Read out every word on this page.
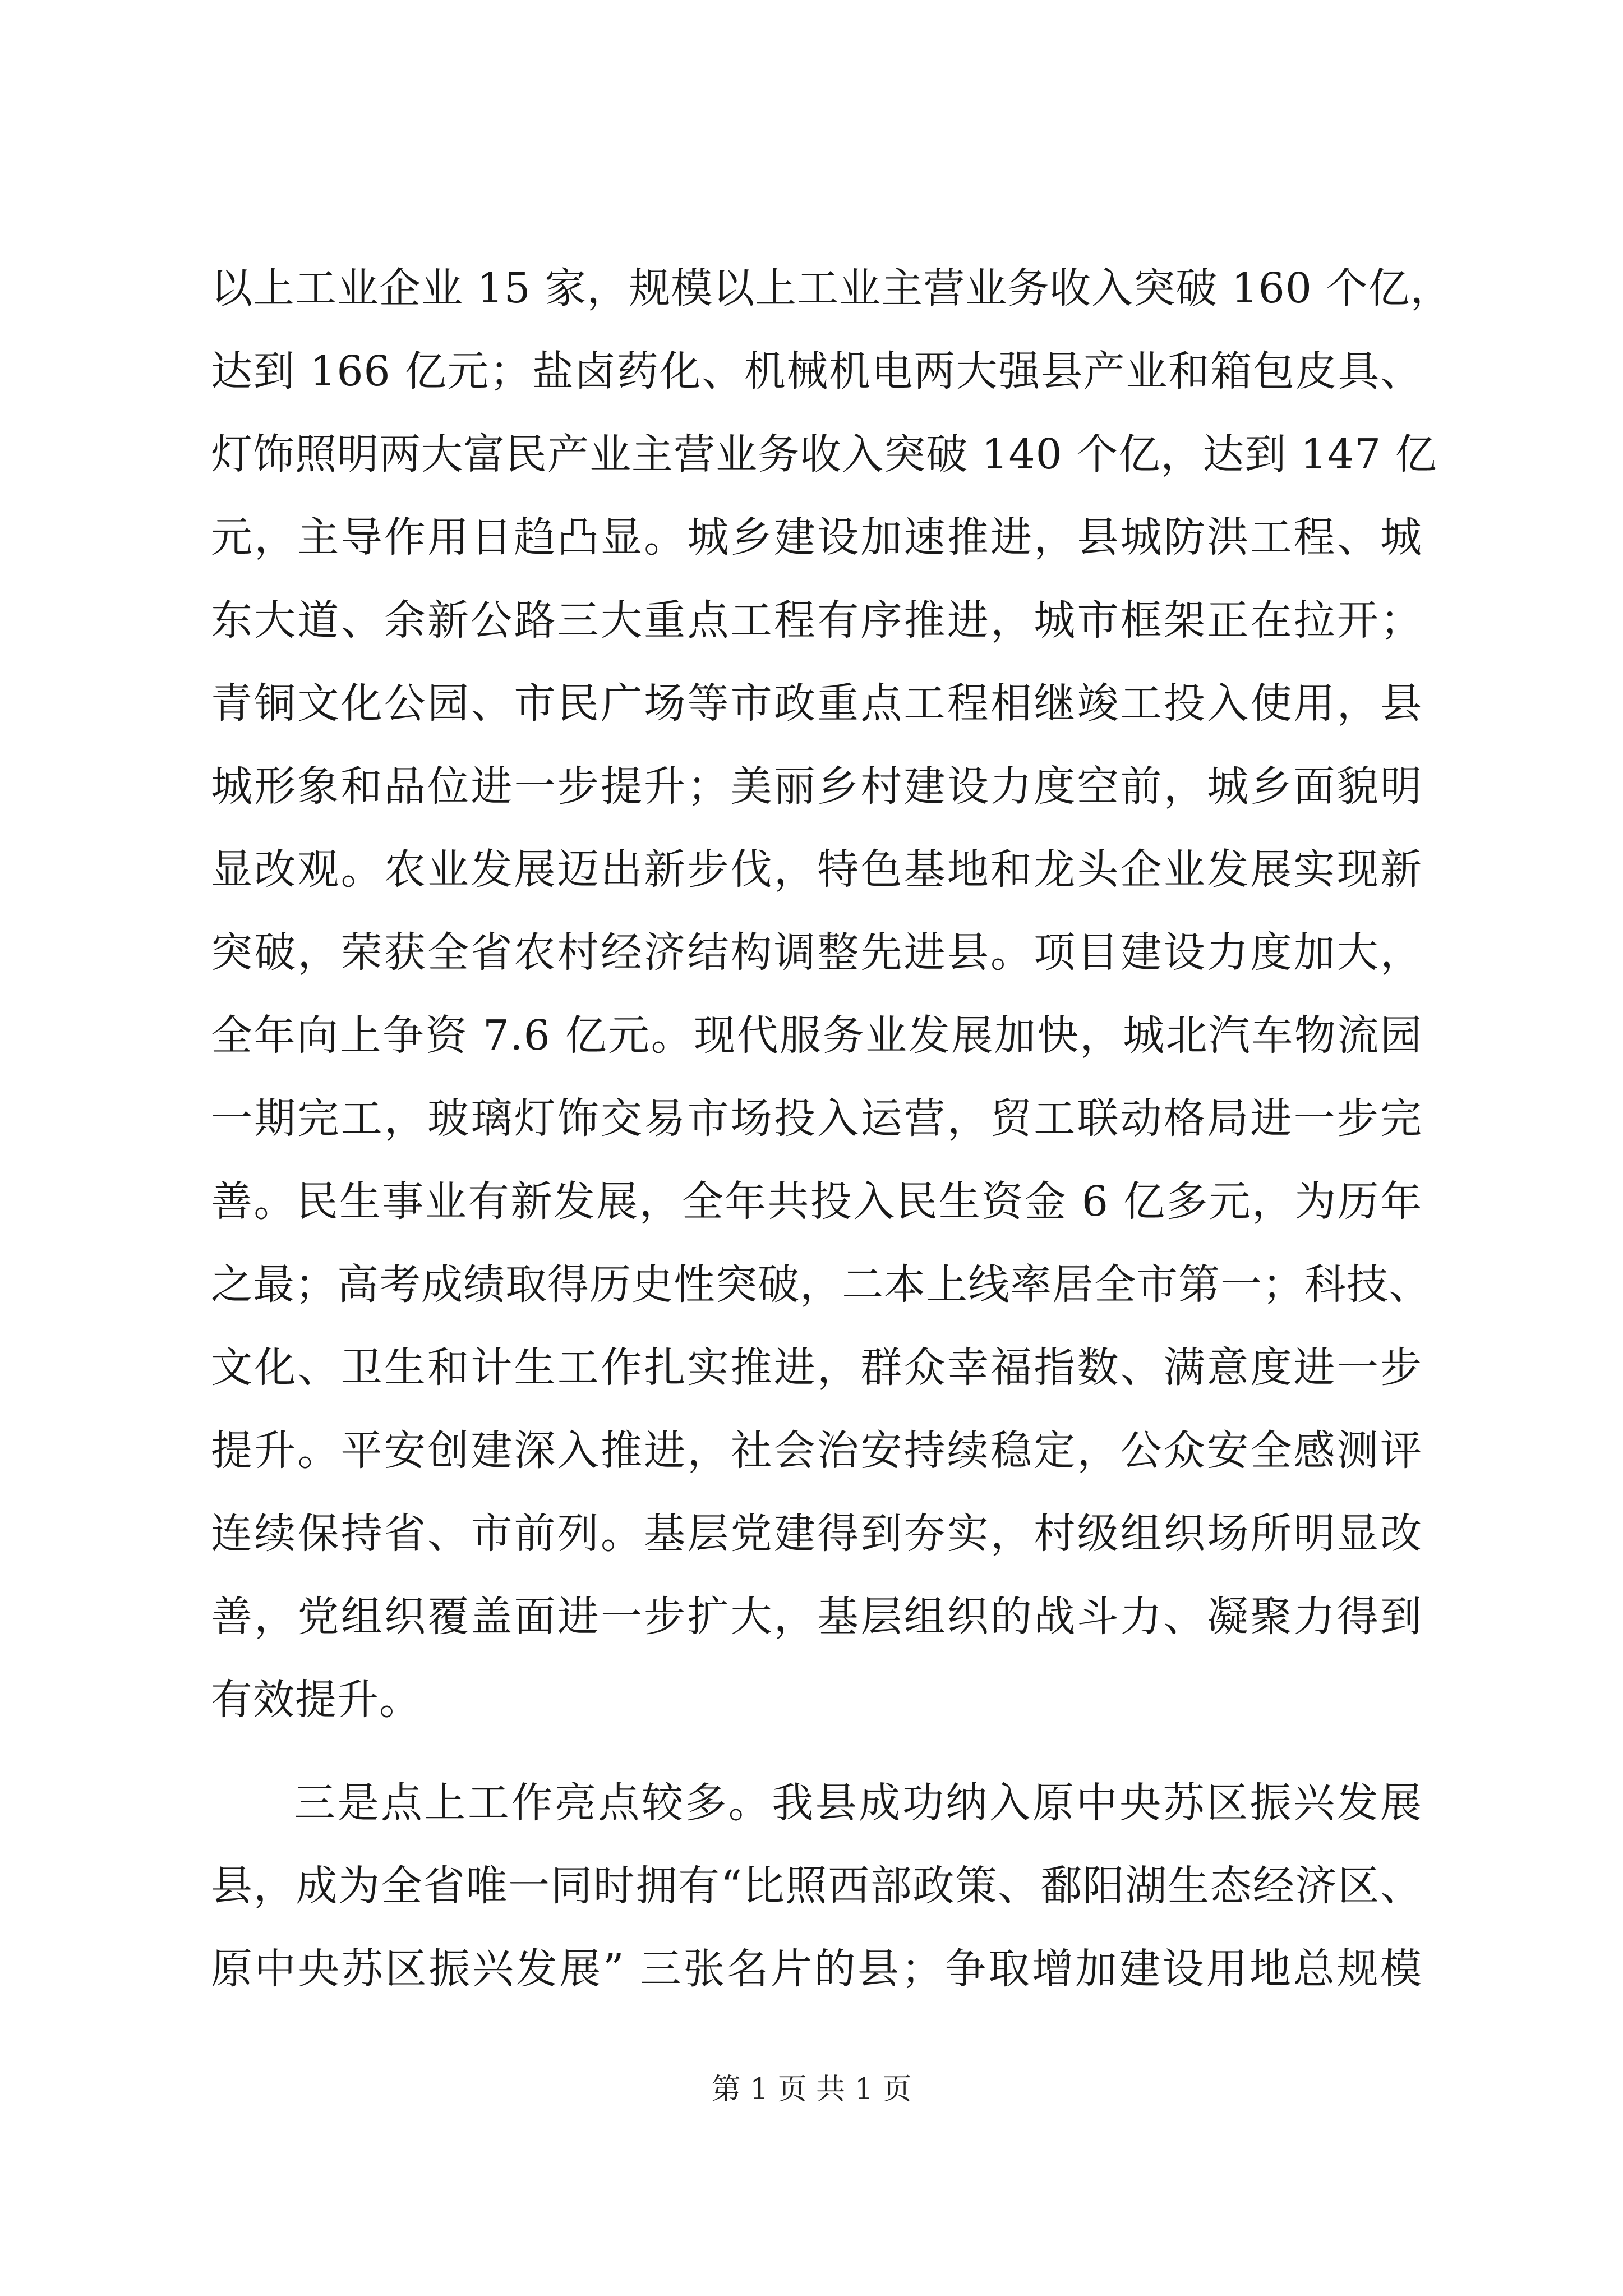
以上工业企业 15 家，规模以上工业主营业务收入突破 160 个亿，
达到 166 亿元；盐卤药化、机械机电两大强县产业和箱包皮具、
灯饰照明两大富民产业主营业务收入突破 140 个亿，达到 147 亿
元，主导作用日趋凸显。城乡建设加速推进，县城防洪工程、城
东大道、余新公路三大重点工程有序推进，城市框架正在拉开；
青铜文化公园、市民广场等市政重点工程相继竣工投入使用，县
城形象和品位进一步提升；美丽乡村建设力度空前，城乡面貌明
显改观。农业发展迈出新步伐，特色基地和龙头企业发展实现新
突破，荣获全省农村经济结构调整先进县。项目建设力度加大，
全年向上争资 7.6 亿元。现代服务业发展加快，城北汽车物流园
一期完工，玻璃灯饰交易市场投入运营，贸工联动格局进一步完
善。民生事业有新发展，全年共投入民生资金 6 亿多元，为历年
之最；高考成绩取得历史性突破，二本上线率居全市第一；科技、
文化、卫生和计生工作扎实推进，群众幸福指数、满意度进一步
提升。平安创建深入推进，社会治安持续稳定，公众安全感测评
连续保持省、市前列。基层党建得到夯实，村级组织场所明显改
善，党组织覆盖面进一步扩大，基层组织的战斗力、凝聚力得到
有效提升。
三是点上工作亮点较多。我县成功纳入原中央苏区振兴发展
县，成为全省唯一同时拥有“比照西部政策、鄱阳湖生态经济区、
原中央苏区振兴发展” 三张名片的县；争取增加建设用地总规模
第 1 页 共 1 页
